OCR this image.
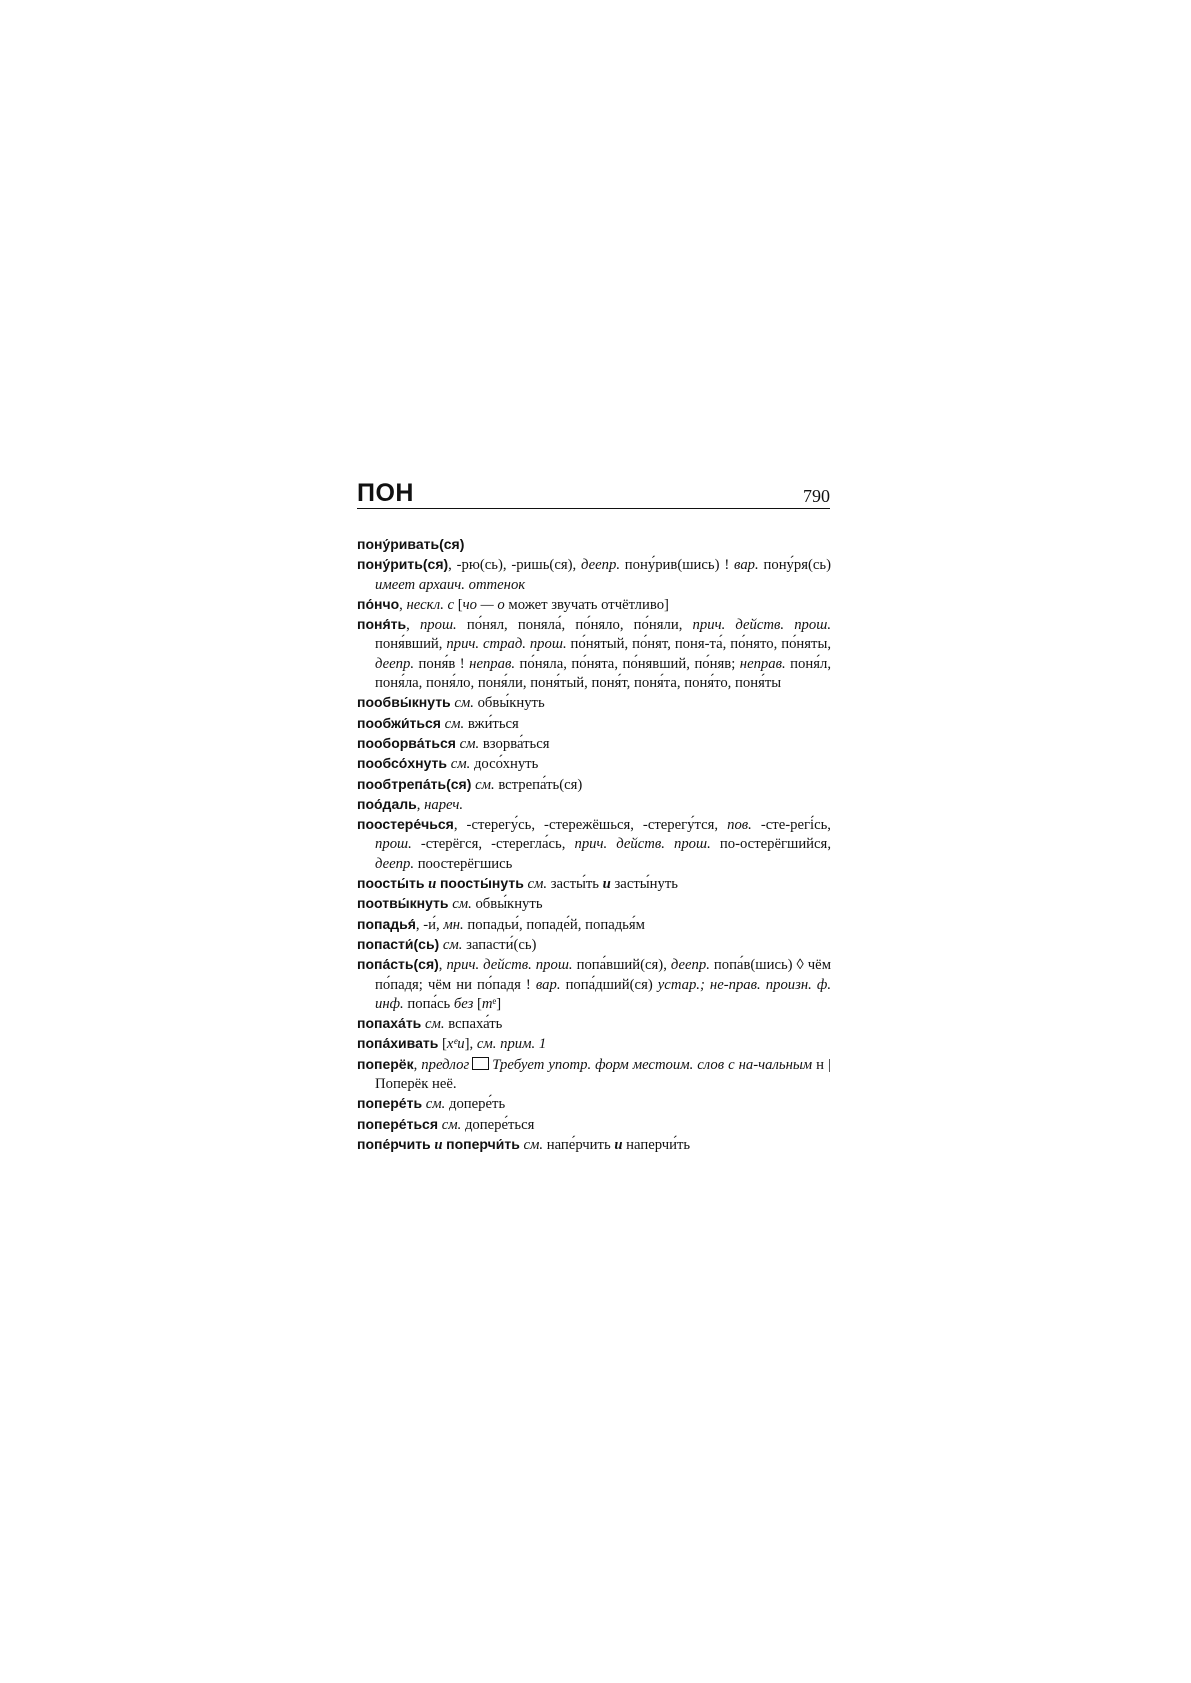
ПОН	790
пону́ривать(ся)
пону́рить(ся), -рю(сь), -ришь(ся), деепр. пону́рив(шись) ! вар. пону́ря(сь) имеет архаич. оттенок
по́нчо, нескл. с [чо — о может звучать отчётливо]
поня́ть, прош. по́нял, поняла́, по́няло, по́няли, прич. действ. прош. поня́вший, прич. страд. прош. по́нятый, по́нят, поня-та́, по́нято, по́няты, деепр. поня́в ! неправ. по́няла, по́нята, по́нявший, по́няв; неправ. поня́л, поня́ла, поня́ло, поня́ли, поня́тый, поня́т, поня́та, поня́то, поня́ты
пообвы́кнуть см. обвы́кнуть
пообжи́ться см. вжи́ться
пооборва́ться см. взорва́ться
пообсо́хнуть см. досо́хнуть
пообтрепа́ть(ся) см. встрепа́ть(ся)
поо́даль, нареч.
поостере́чься, -стерегу́сь, -стережёшься, -стерегу́тся, пов. -сте-регі́сь, прош. -стерёгся, -стерегла́сь, прич. действ. прош. по-остерёгшийся, деепр. поостерёгшись
поосты́ть и поосты́нуть см. засты́ть и засты́нуть
поотвы́кнуть см. обвы́кнуть
попадья́, -и́, мн. попадьи́, попаде́й, попадья́м
попасти́(сь) см. запасти́(сь)
попа́сть(ся), прич. действ. прош. попа́вший(ся), деепр. попа́в(шись) ◊ чём по́падя; чём ни по́падя ! вар. попа́дший(ся) устар.; не-прав. произн. ф. инф. попа́сь без [тᵉ]
попаха́ть см. вспаха́ть
попа́хивать [хᵉи], см. прим. 1
поперёк, предлог Требует употр. форм местоим. слов с на-чальным н | Поперёк неё.
попере́ть см. допере́ть
попере́ться см. допере́ться
попе́рчить и поперчи́ть см. напе́рчить и наперчи́ть
